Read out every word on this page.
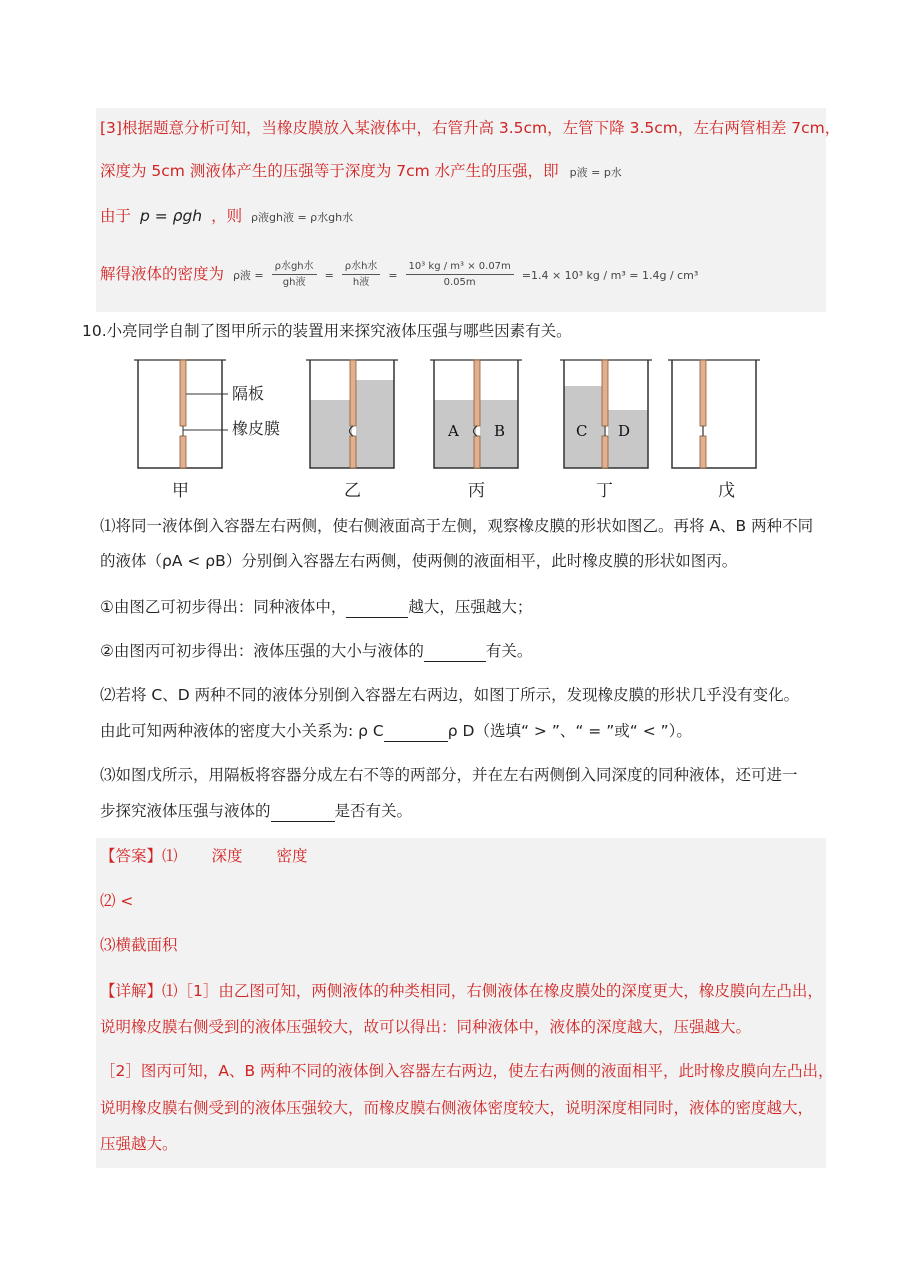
[3]根据题意分析可知，当橡皮膜放入某液体中，右管升高 3.5cm，左管下降 3.5cm，左右两管相差 7cm，
深度为 5cm 测液体产生的压强等于深度为 7cm 水产生的压强，即 p液 = p水
由于 p = ρgh ，则 ρ液gh液 = ρ水gh水
解得液体的密度为 ρ液 = $\frac{\text{ρ水gh水}}{\text{gh液}} = \frac{\text{ρ水h水}}{\text{h液}} = \frac{\text{10³ kg / m³ × 0.07m}}{0.05m} =1.4 \times 10^3$ kg / m³ = 1.4g / cm³
10.小亮同学自制了图甲所示的装置用来探究液体压强与哪些因素有关。
隔板
橡皮膜	A B	C D
甲	乙	丙	丁	戊
⑴将同一液体倒入容器左右两侧，使右侧液面高于左侧，观察橡皮膜的形状如图乙。再将 A、B 两种不同
的液体（ρA < ρB）分别倒入容器左右两侧，使两侧的液面相平，此时橡皮膜的形状如图丙。
①由图乙可初步得出：同种液体中，	越大，压强越大；
②由图丙可初步得出：液体压强的大小与液体的	有关。
⑵若将 C、D 两种不同的液体分别倒入容器左右两边，如图丁所示，发现橡皮膜的形状几乎没有变化。
由此可知两种液体的密度大小关系为: ρ C	ρ D（选填“ > ”、“ = ”或“ < ”）。
⑶如图戊所示，用隔板将容器分成左右不等的两部分，并在左右两侧倒入同深度的同种液体，还可进一
步探究液体压强与液体的	是否有关。
【答案】⑴ 深度 密度
⑵ <
⑶横截面积
【详解】⑴［1］由乙图可知，两侧液体的种类相同，右侧液体在橡皮膜处的深度更大，橡皮膜向左凸出，
说明橡皮膜右侧受到的液体压强较大，故可以得出：同种液体中，液体的深度越大，压强越大。
［2］图丙可知，A、B 两种不同的液体倒入容器左右两边，使左右两侧的液面相平，此时橡皮膜向左凸出，
说明橡皮膜右侧受到的液体压强较大，而橡皮膜右侧液体密度较大，说明深度相同时，液体的密度越大，
压强越大。
